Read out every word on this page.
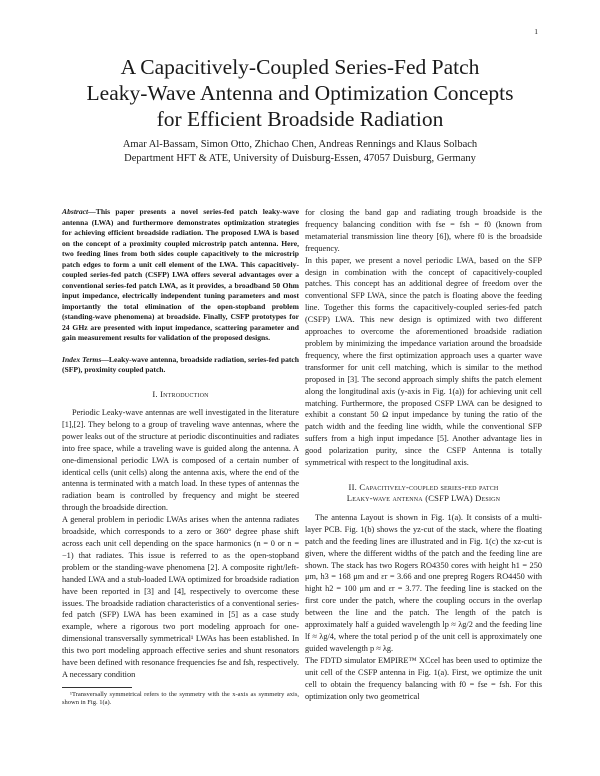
1
A Capacitively-Coupled Series-Fed Patch
Leaky-Wave Antenna and Optimization Concepts
for Efficient Broadside Radiation
Amar Al-Bassam, Simon Otto, Zhichao Chen, Andreas Rennings and Klaus Solbach
Department HFT & ATE, University of Duisburg-Essen, 47057 Duisburg, Germany
Abstract—This paper presents a novel series-fed patch leaky-wave antenna (LWA) and furthermore demonstrates optimization strategies for achieving efficient broadside radiation. The proposed LWA is based on the concept of a proximity coupled microstrip patch antenna. Here, two feeding lines from both sides couple capacitively to the microstrip patch edges to form a unit cell element of the LWA. This capacitively-coupled series-fed patch (CSFP) LWA offers several advantages over a conventional series-fed patch LWA, as it provides, a broadband 50 Ohm input impedance, electrically independent tuning parameters and most importantly the total elimination of the open-stopband problem (standing-wave phenomena) at broadside. Finally, CSFP prototypes for 24 GHz are presented with input impedance, scattering parameter and gain measurement results for validation of the proposed designs.
Index Terms—Leaky-wave antenna, broadside radiation, series-fed patch (SFP), proximity coupled patch.
I. Introduction

Periodic Leaky-wave antennas are well investigated in the literature [1],[2]. They belong to a group of traveling wave antennas, where the power leaks out of the structure at periodic discontinuities and radiates into free space, while a traveling wave is guided along the antenna. A one-dimensional periodic LWA is composed of a certain number of identical cells (unit cells) along the antenna axis, where the end of the antenna is terminated with a match load. In these types of antennas the radiation beam is controlled by frequency and might be steered through the broadside direction.

A general problem in periodic LWAs arises when the antenna radiates broadside, which corresponds to a zero or 360° degree phase shift across each unit cell depending on the space harmonics (n = 0 or n = −1) that radiates. This issue is referred to as the open-stopband problem or the standing-wave phenomena [2]. A composite right/left-handed LWA and a stub-loaded LWA optimized for broadside radiation have been reported in [3] and [4], respectively to overcome these issues. The broadside radiation characteristics of a conventional series-fed patch (SFP) LWA has been examined in [5] as a case study example, where a rigorous two port modeling approach for one-dimensional transversally symmetrical¹ LWAs has been established. In this two port modeling approach effective series and shunt resonators have been defined with resonance frequencies fse and fsh, respectively. A necessary condition

¹Transversally symmetrical refers to the symmetry with the x-axis as symmetry axis, shown in Fig. 1(a).

for closing the band gap and radiating trough broadside is the frequency balancing condition with fse = fsh = f0 (known from metamaterial transmission line theory [6]), where f0 is the broadside frequency.

In this paper, we present a novel periodic LWA, based on the SFP design in combination with the concept of capacitively-coupled patches. This concept has an additional degree of freedom over the conventional SFP LWA, since the patch is floating above the feeding line. Together this forms the capacitively-coupled series-fed patch (CSFP) LWA. This new design is optimized with two different approaches to overcome the aforementioned broadside radiation problem by minimizing the impedance variation around the broadside frequency, where the first optimization approach uses a quarter wave transformer for unit cell matching, which is similar to the method proposed in [3]. The second approach simply shifts the patch element along the longitudinal axis (y-axis in Fig. 1(a)) for achieving unit cell matching. Furthermore, the proposed CSFP LWA can be designed to exhibit a constant 50 Ω input impedance by tuning the ratio of the patch width and the feeding line width, while the conventional SFP suffers from a high input impedance [5]. Another advantage lies in good polarization purity, since the CSFP Antenna is totally symmetrical with respect to the longitudinal axis.

II. Capacitively-coupled series-fed patch
Leaky-wave antenna (CSFP LWA) Design

The antenna Layout is shown in Fig. 1(a). It consists of a multi-layer PCB. Fig. 1(b) shows the yz-cut of the stack, where the floating patch and the feeding lines are illustrated and in Fig. 1(c) the xz-cut is given, where the different widths of the patch and the feeding line are shown. The stack has two Rogers RO4350 cores with height h1 = 250 μm, h3 = 168 μm and εr = 3.66 and one prepreg Rogers RO4450 with hight h2 = 100 μm and εr = 3.77. The feeding line is stacked on the first core under the patch, where the coupling occurs in the overlap between the line and the patch. The length of the patch is approximately half a guided wavelength lp ≈ λg/2 and the feeding line lf ≈ λg/4, where the total period p of the unit cell is approximately one guided wavelength p ≈ λg.

The FDTD simulator EMPIRE™ XCcel has been used to optimize the unit cell of the CSFP antenna in Fig. 1(a). First, we optimize the unit cell to obtain the frequency balancing with f0 = fse = fsh. For this optimization only two geometrical
